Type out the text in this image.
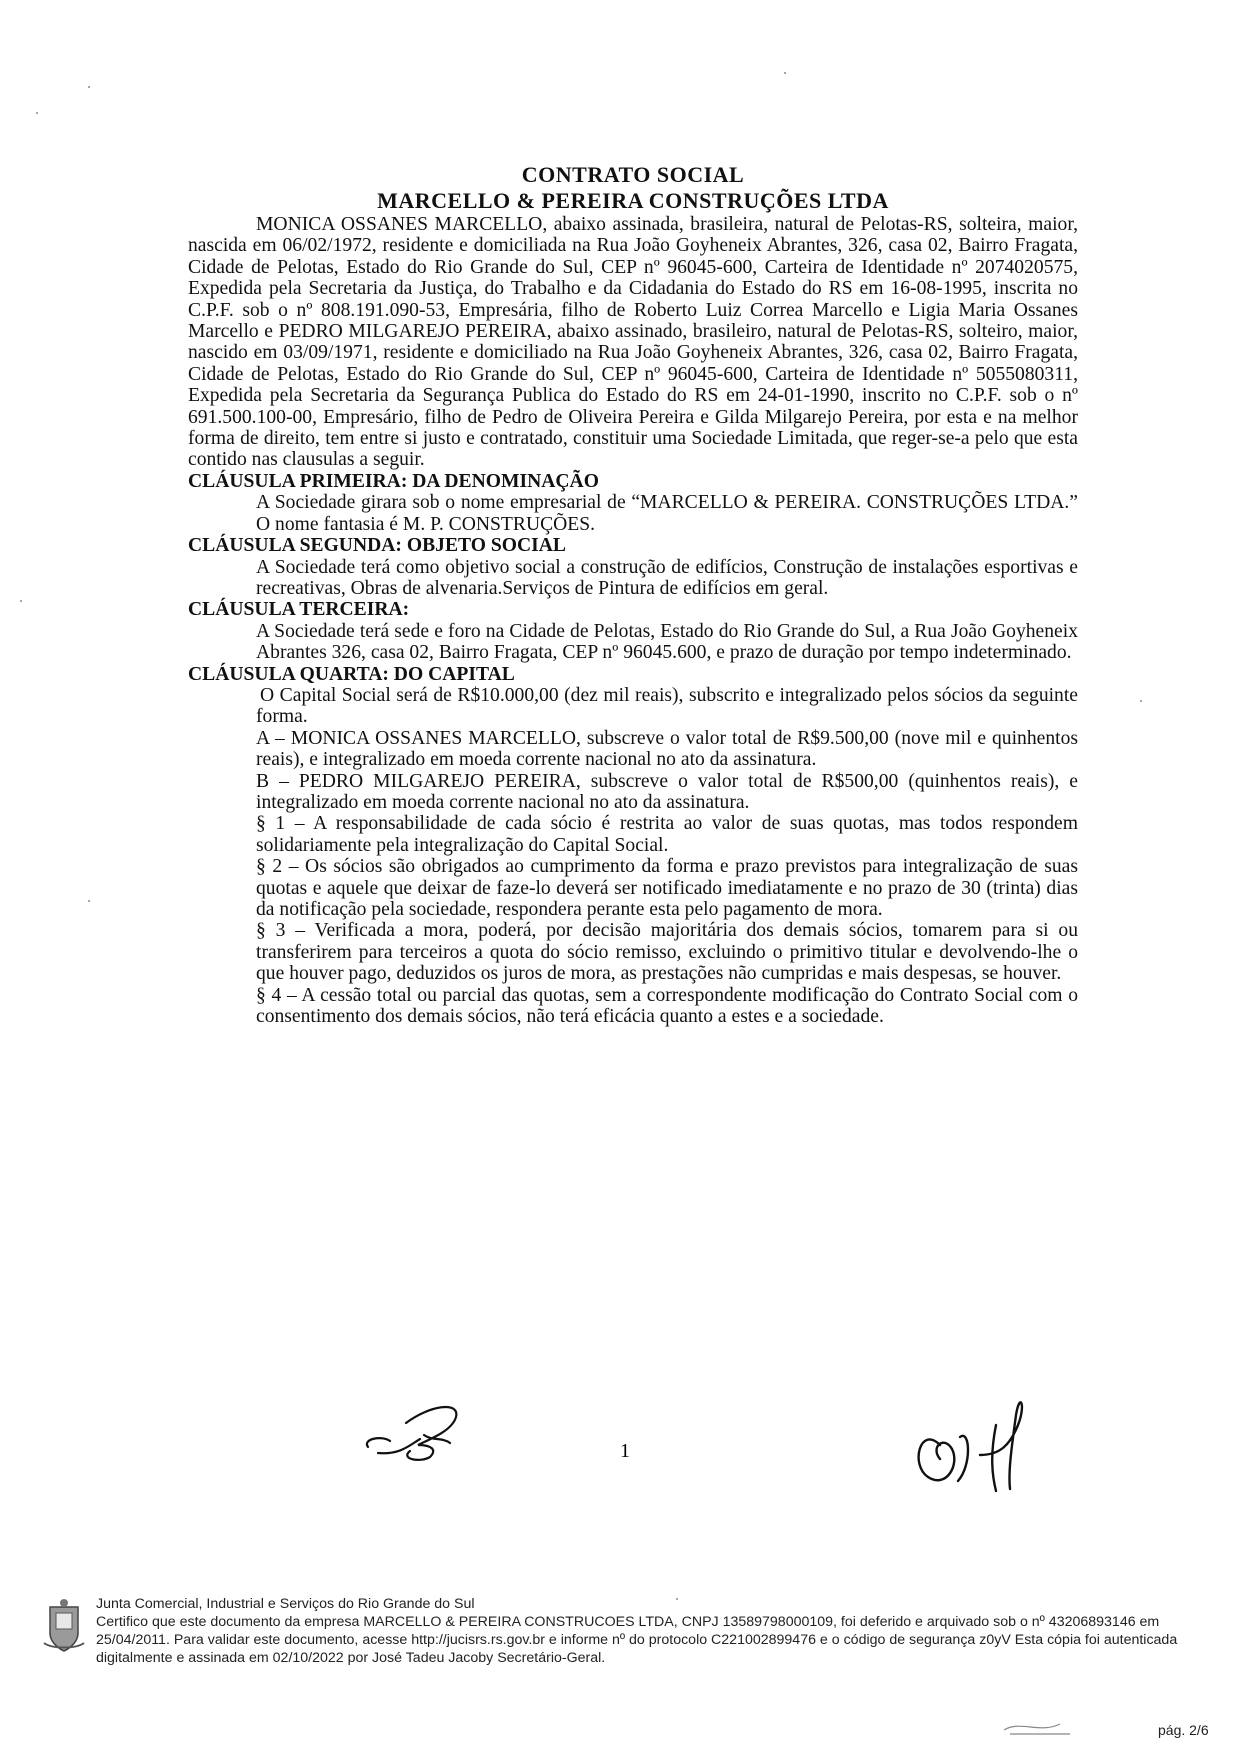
CONTRATO SOCIAL
MARCELLO & PEREIRA CONSTRUÇÕES LTDA

MONICA OSSANES MARCELLO, abaixo assinada, brasileira, natural de Pelotas-RS, solteira, maior, nascida em 06/02/1972, residente e domiciliada na Rua João Goyheneix Abrantes, 326, casa 02, Bairro Fragata, Cidade de Pelotas, Estado do Rio Grande do Sul, CEP nº 96045-600, Carteira de Identidade nº 2074020575, Expedida pela Secretaria da Justiça, do Trabalho e da Cidadania do Estado do RS em 16-08-1995, inscrita no C.P.F. sob o nº 808.191.090-53, Empresária, filho de Roberto Luiz Correa Marcello e Ligia Maria Ossanes Marcello e PEDRO MILGAREJO PEREIRA, abaixo assinado, brasileiro, natural de Pelotas-RS, solteiro, maior, nascido em 03/09/1971, residente e domiciliado na Rua João Goyheneix Abrantes, 326, casa 02, Bairro Fragata, Cidade de Pelotas, Estado do Rio Grande do Sul, CEP nº 96045-600, Carteira de Identidade nº 5055080311, Expedida pela Secretaria da Segurança Publica do Estado do RS em 24-01-1990, inscrito no C.P.F. sob o nº 691.500.100-00, Empresário, filho de Pedro de Oliveira Pereira e Gilda Milgarejo Pereira, por esta e na melhor forma de direito, tem entre si justo e contratado, constituir uma Sociedade Limitada, que reger-se-a pelo que esta contido nas clausulas a seguir.

CLÁUSULA PRIMEIRA: DA DENOMINAÇÃO

A Sociedade girara sob o nome empresarial de “MARCELLO & PEREIRA. CONSTRUÇÕES LTDA.” O nome fantasia é M. P. CONSTRUÇÕES.

CLÁUSULA SEGUNDA: OBJETO SOCIAL

A Sociedade terá como objetivo social a construção de edifícios, Construção de instalações esportivas e recreativas, Obras de alvenaria.Serviços de Pintura de edifícios em geral.

CLÁUSULA TERCEIRA:

A Sociedade terá sede e foro na Cidade de Pelotas, Estado do Rio Grande do Sul, a Rua João Goyheneix Abrantes 326, casa 02, Bairro Fragata, CEP nº 96045.600, e prazo de duração por tempo indeterminado.

CLÁUSULA QUARTA: DO CAPITAL

O Capital Social será de R$10.000,00 (dez mil reais), subscrito e integralizado pelos sócios da seguinte forma.

A – MONICA OSSANES MARCELLO, subscreve o valor total de R$9.500,00 (nove mil e quinhentos reais), e integralizado em moeda corrente nacional no ato da assinatura.

B – PEDRO MILGAREJO PEREIRA, subscreve o valor total de R$500,00 (quinhentos reais), e integralizado em moeda corrente nacional no ato da assinatura.

§ 1 – A responsabilidade de cada sócio é restrita ao valor de suas quotas, mas todos respondem solidariamente pela integralização do Capital Social.

§ 2 – Os sócios são obrigados ao cumprimento da forma e prazo previstos para integralização de suas quotas e aquele que deixar de faze-lo deverá ser notificado imediatamente e no prazo de 30 (trinta) dias da notificação pela sociedade, respondera perante esta pelo pagamento de mora.

§ 3 – Verificada a mora, poderá, por decisão majoritária dos demais sócios, tomarem para si ou transferirem para terceiros a quota do sócio remisso, excluindo o primitivo titular e devolvendo-lhe o que houver pago, deduzidos os juros de mora, as prestações não cumpridas e mais despesas, se houver.

§ 4 – A cessão total ou parcial das quotas, sem a correspondente modificação do Contrato Social com o consentimento dos demais sócios, não terá eficácia quanto a estes e a sociedade.

1
Junta Comercial, Industrial e Serviços do Rio Grande do Sul
Certifico que este documento da empresa MARCELLO & PEREIRA CONSTRUCOES LTDA, CNPJ 13589798000109, foi deferido e arquivado sob o nº 43206893146 em 25/04/2011. Para validar este documento, acesse http://jucisrs.rs.gov.br e informe nº do protocolo C221002899476 e o código de segurança z0yV Esta cópia foi autenticada digitalmente e assinada em 02/10/2022 por José Tadeu Jacoby Secretário-Geral.
pág. 2/6
